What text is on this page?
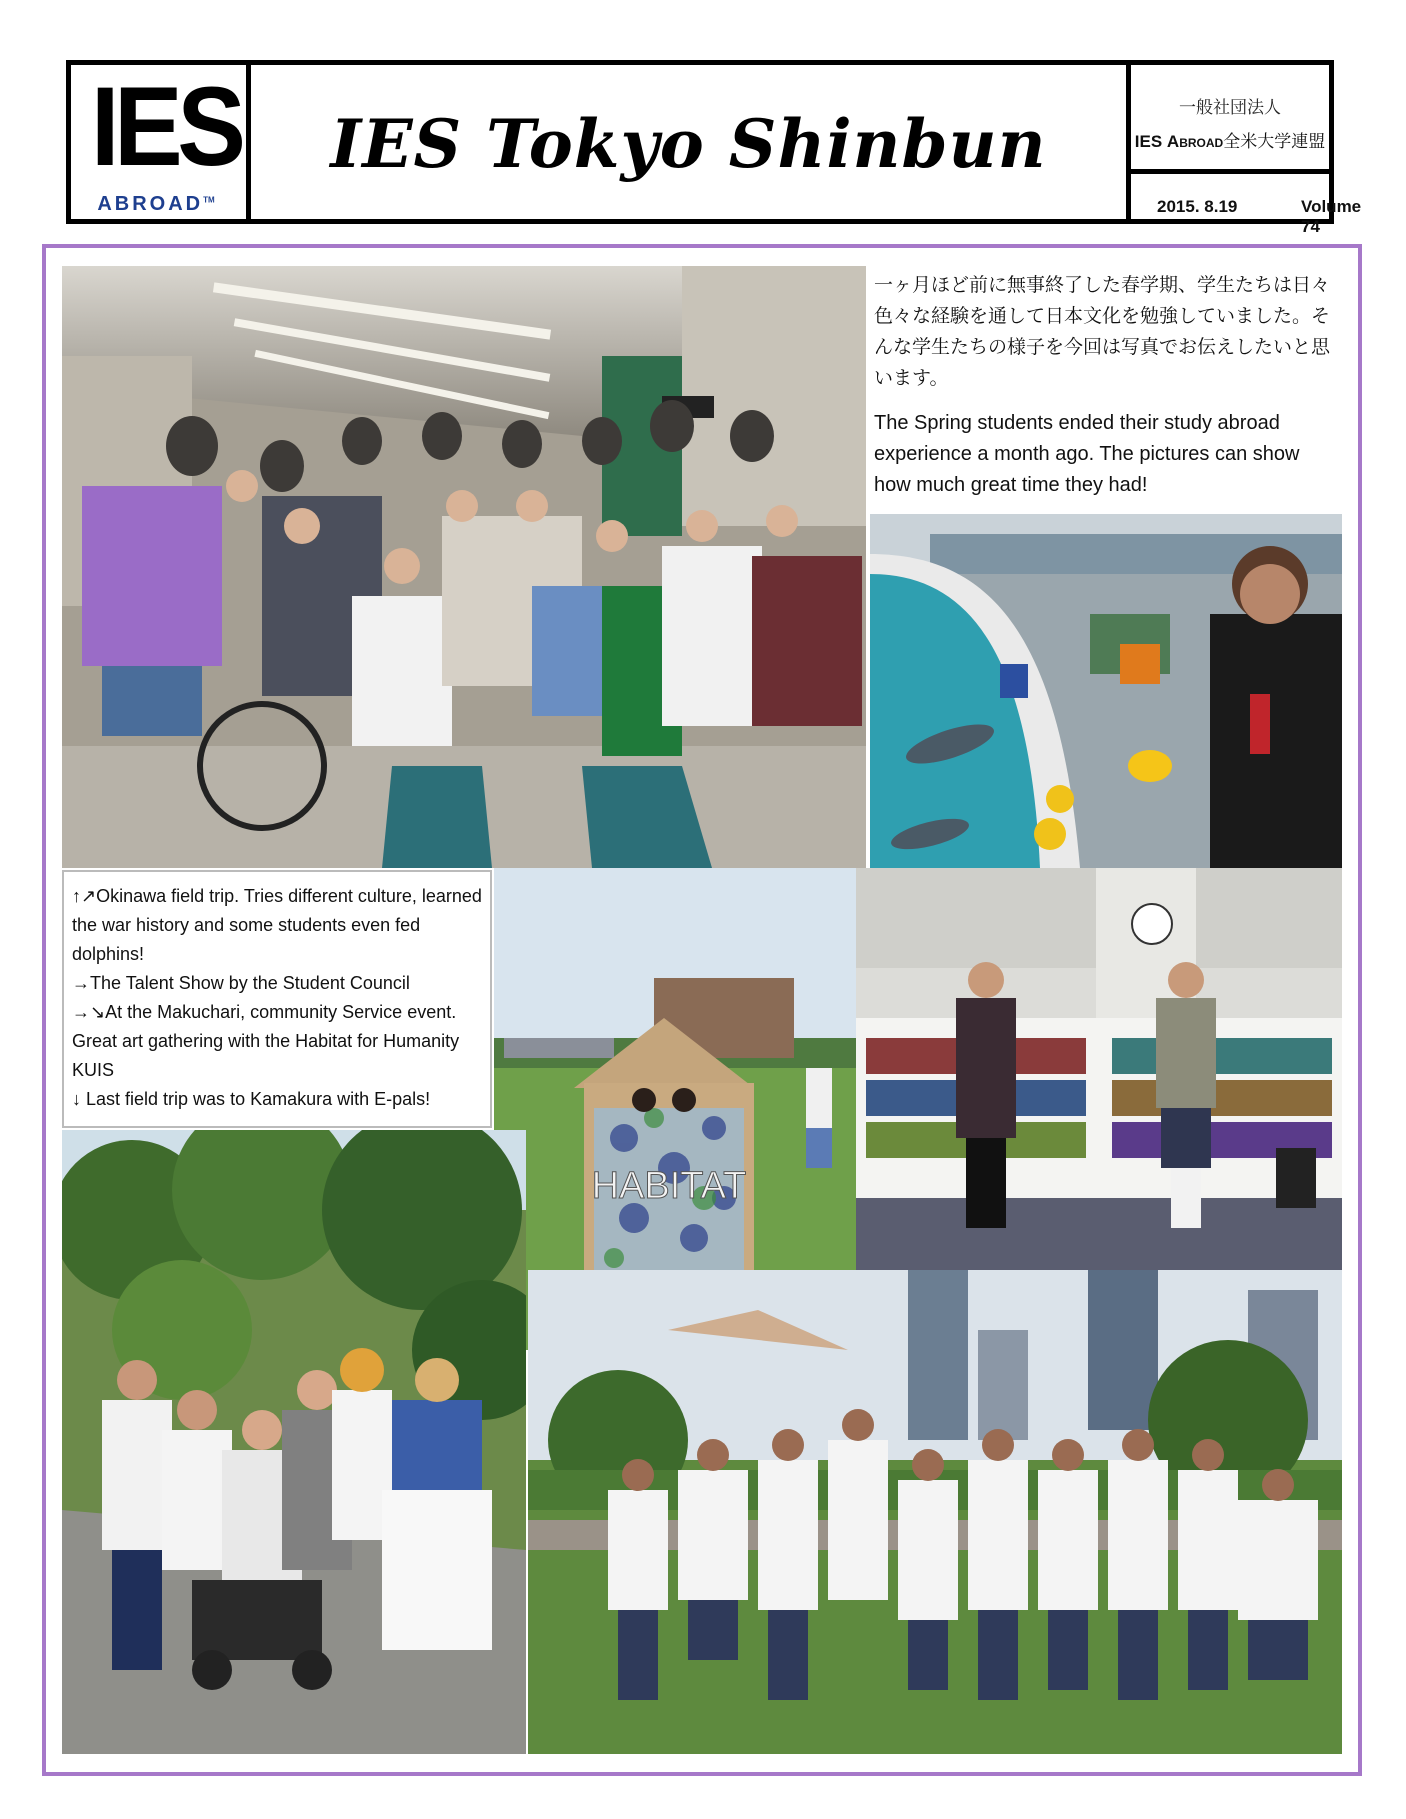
IES
ABROAD™
IES Tokyo Shinbun	一般社団法人
IES Abroad全米大学連盟
2015. 8.19	Volume 74

一ヶ月ほど前に無事終了した春学期、学生たちは日々色々な経験を通して日本文化を勉強していました。そんな学生たちの様子を今回は写真でお伝えしたいと思います。

The Spring students ended their study abroad experience a month ago. The pictures can show how much great time they had!

↑↗Okinawa field trip. Tries different culture, learned the war history and some students even fed dolphins!

→The Talent Show by the Student Council

→↘At the Makuchari, community Service event. Great art gathering with the Habitat for Humanity KUIS

↓ Last field trip was to Kamakura with E-pals!

HABITAT
